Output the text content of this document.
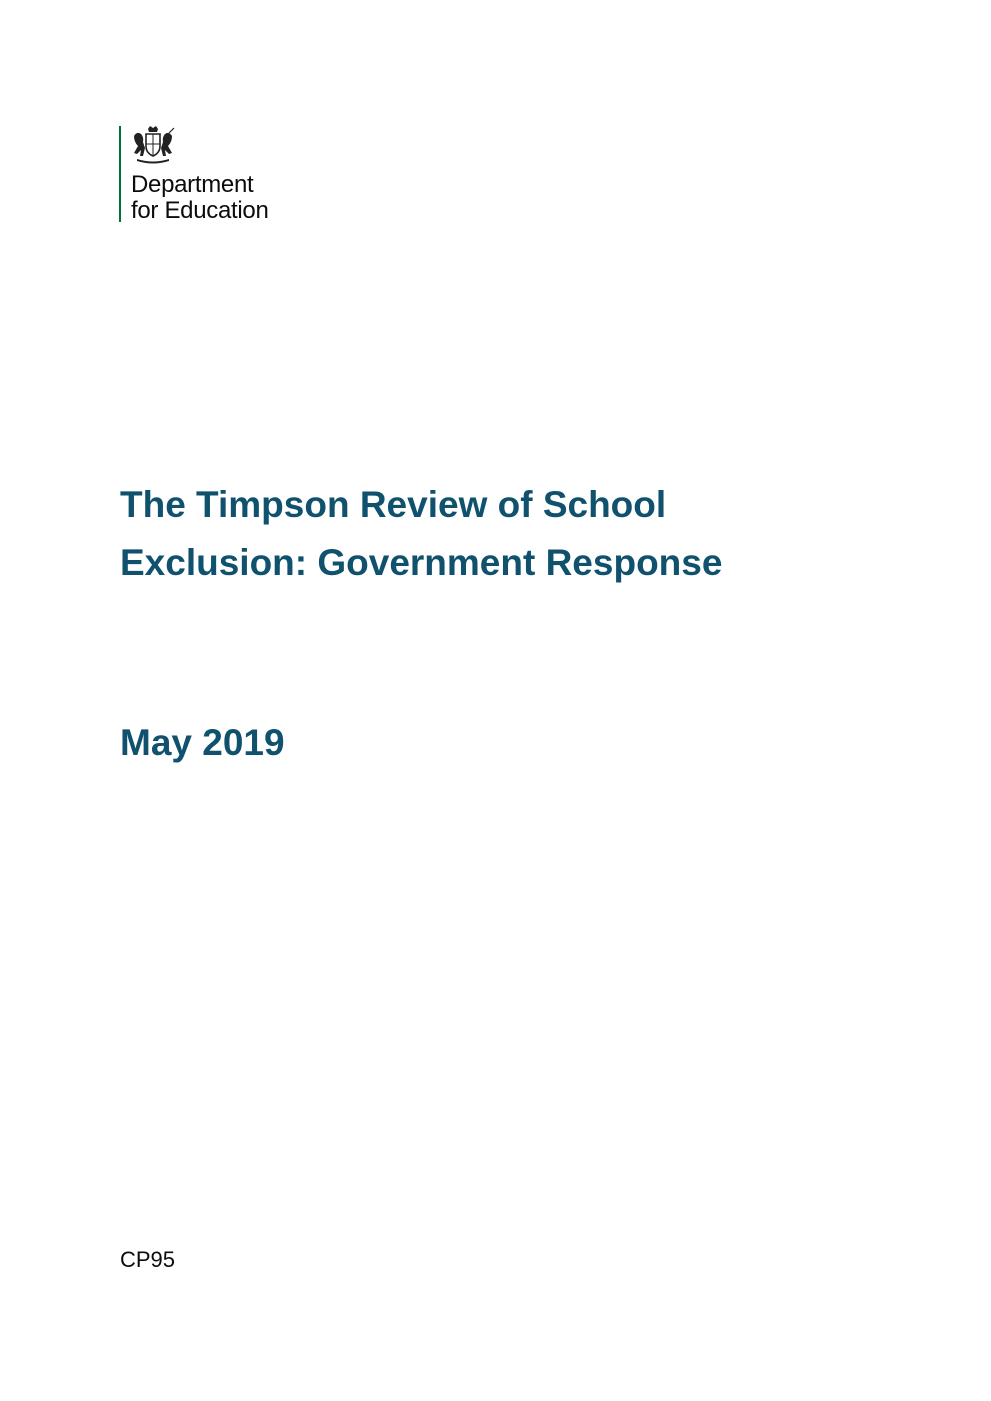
Department
for Education
The Timpson Review of School
Exclusion: Government Response
May 2019
CP95
